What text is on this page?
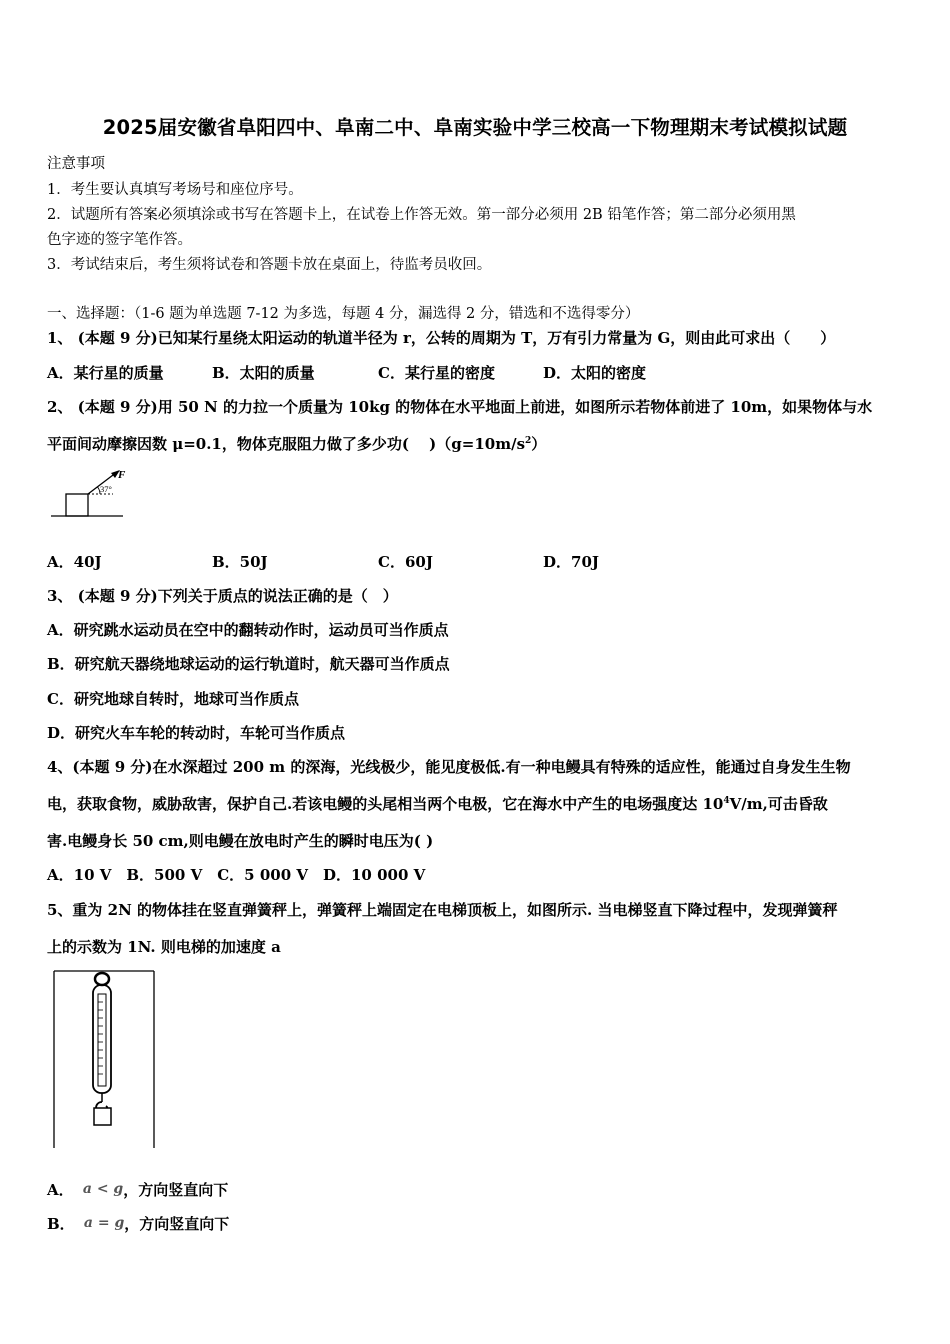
2025届安徽省阜阳四中、阜南二中、阜南实验中学三校高一下物理期末考试模拟试题
注意事项
1．考生要认真填写考场号和座位序号。
2．试题所有答案必须填涂或书写在答题卡上，在试卷上作答无效。第一部分必须用 2B 铅笔作答；第二部分必须用黑
色字迹的签字笔作答。
3．考试结束后，考生须将试卷和答题卡放在桌面上，待监考员收回。
一、选择题：（1-6 题为单选题 7-12 为多选，每题 4 分，漏选得 2 分，错选和不选得零分）
1、 (本题 9 分)已知某行星绕太阳运动的轨道半径为 r，公转的周期为 T，万有引力常量为 G，则由此可求出（　　）
A．某行星的质量	B．太阳的质量	C．某行星的密度	D．太阳的密度
2、 (本题 9 分)用 50 N 的力拉一个质量为 10kg 的物体在水平地面上前进，如图所示若物体前进了 10m，如果物体与水
平面间动摩擦因数 μ=0.1，物体克服阻力做了多少功(　 )$(g=10m/s^2)$
F
37°
A．40J	B．50J	C．60J	D．70J
3、 (本题 9 分)下列关于质点的说法正确的是（　）
A．研究跳水运动员在空中的翻转动作时，运动员可当作质点
B．研究航天器绕地球运动的运行轨道时，航天器可当作质点
C．研究地球自转时，地球可当作质点
D．研究火车车轮的转动时，车轮可当作质点
4、(本题 9 分)在水深超过 200 m 的深海，光线极少，能见度极低.有一种电鳗具有特殊的适应性，能通过自身发生生物
电，获取食物，威胁敌害，保护自己.若该电鳗的头尾相当两个电极，它在海水中产生的电场强度达 $10^4V/m$,可击昏敌
害.电鳗身长 50 cm,则电鳗在放电时产生的瞬时电压为( )
A．10 V　B．500 V　C．5 000 V　D．10 000 V
5、重为 2N 的物体挂在竖直弹簧秤上，弹簧秤上端固定在电梯顶板上，如图所示. 当电梯竖直下降过程中，发现弹簧秤
上的示数为 1N. 则电梯的加速度 a
A． a < g，方向竖直向下
B． a = g，方向竖直向下
